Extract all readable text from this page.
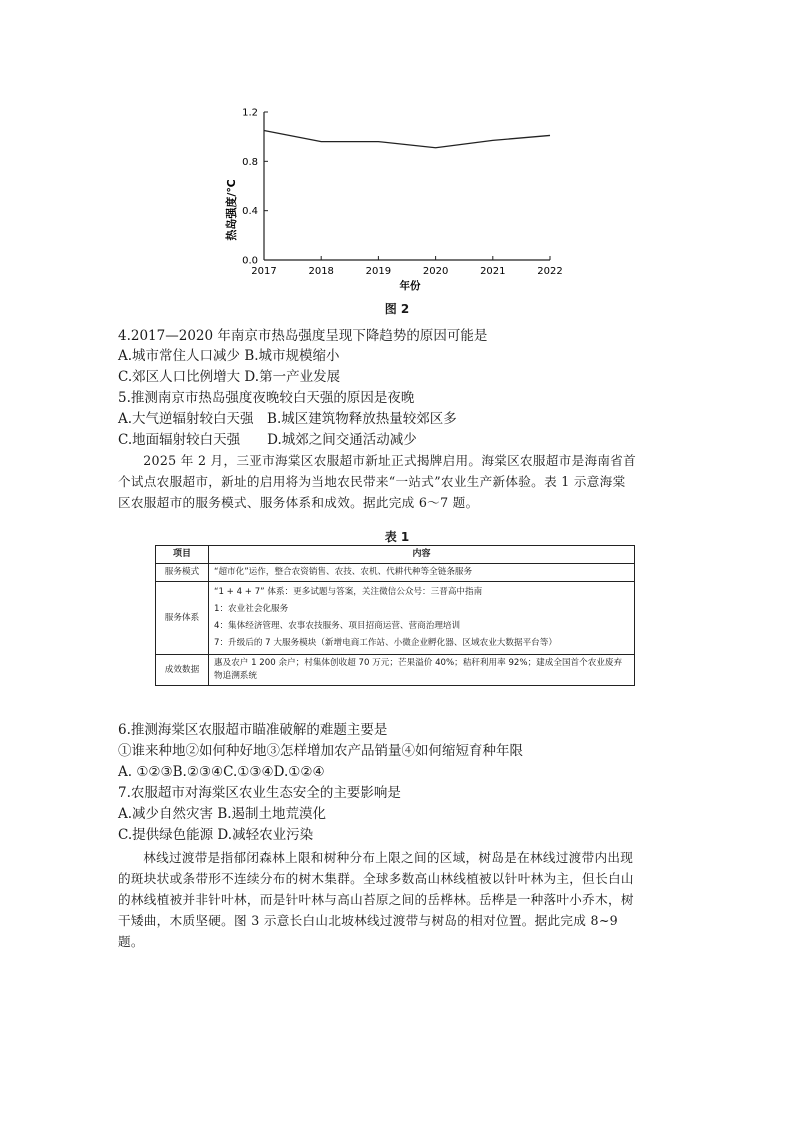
0.0
0.4
0.8
1.2
2017	2018	2019	2020	2021	2022
热岛强度/℃
年份
图 2
4.2017—2020 年南京市热岛强度呈现下降趋势的原因可能是
A.城市常住人口减少 B.城市规模缩小
C.郊区人口比例增大 D.第一产业发展
5.推测南京市热岛强度夜晚较白天强的原因是夜晚
A.大气逆辐射较白天强　B.城区建筑物释放热量较郊区多
C.地面辐射较白天强　　D.城郊之间交通活动减少
2025 年 2 月，三亚市海棠区农服超市新址正式揭牌启用。海棠区农服超市是海南省首个试点农服超市，新址的启用将为当地农民带来“一站式”农业生产新体验。表 1 示意海棠区农服超市的服务模式、服务体系和成效。据此完成 6～7 题。
表 1
项目	内容
服务模式	“超市化”运作，整合农资销售、农技、农机、代耕代种等全链条服务
服务体系	“1 + 4 + 7” 体系：更多试题与答案，关注微信公众号：三晋高中指南
1：农业社会化服务
4：集体经济管理、农事农技服务、项目招商运营、营商治理培训
7：升级后的 7 大服务模块（新增电商工作站、小微企业孵化器、区域农业大数据平台等）

成效数据	惠及农户 1 200 余户；村集体创收超 70 万元；芒果溢价 40%；秸秆利用率 92%；建成全国首个农业废弃物追溯系统
6.推测海棠区农服超市瞄准破解的难题主要是
①谁来种地②如何种好地③怎样增加农产品销量④如何缩短育种年限
A. ①②③B.②③④C.①③④D.①②④
7.农服超市对海棠区农业生态安全的主要影响是
A.减少自然灾害 B.遏制土地荒漠化
C.提供绿色能源 D.减轻农业污染
林线过渡带是指郁闭森林上限和树种分布上限之间的区域，树岛是在林线过渡带内出现的斑块状或条带形不连续分布的树木集群。全球多数高山林线植被以针叶林为主，但长白山的林线植被并非针叶林，而是针叶林与高山苔原之间的岳桦林。岳桦是一种落叶小乔木，树干矮曲，木质坚硬。图 3 示意长白山北坡林线过渡带与树岛的相对位置。据此完成 8~9 题。
